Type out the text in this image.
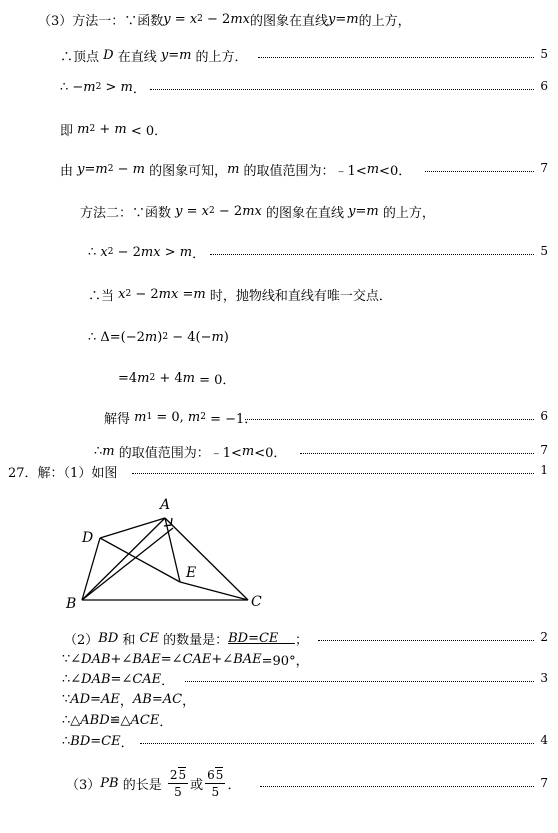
（3）方法一：∵函数 y = x 2 − 2 mx 的图象在直线 y=m 的上方，
∴顶点 D 在直线 y=m 的上方．	5
∴ − m 2 > m ．	6
即 m 2 + m < 0．
由 y=m 2 − m 的图象可知， m 的取值范围为：﹣1< m <0．	7
方法二：∵函数 y = x 2 − 2 mx 的图象在直线 y=m 的上方，
∴ x 2 − 2 mx > m ．	5
∴当 x 2 − 2 mx = m 时，抛物线和直线有唯一交点．
∴ Δ=(−2 m ) 2 − 4(− m )
=4 m 2 + 4 m = 0．
解得 m 1 = 0, m 2 = −1．	6
∴ m 的取值范围为：﹣1< m <0．	7
27．解：（1）如图	1
A
B	C
D
E
（2） BD 和 CE 的数量是： BD=CE	；	2
∵∠ DAB +∠ BAE =∠ CAE +∠ BAE =90°，
∴∠ DAB =∠ CAE ．	3
∵ AD=AE ， AB=AC ，
∴△ ABD ≌△ ACE ．
∴ BD=CE ．	4
（3） PB 的长是 $\frac{25}{5}$ 或 $\frac{65}{5}$ ．	7
